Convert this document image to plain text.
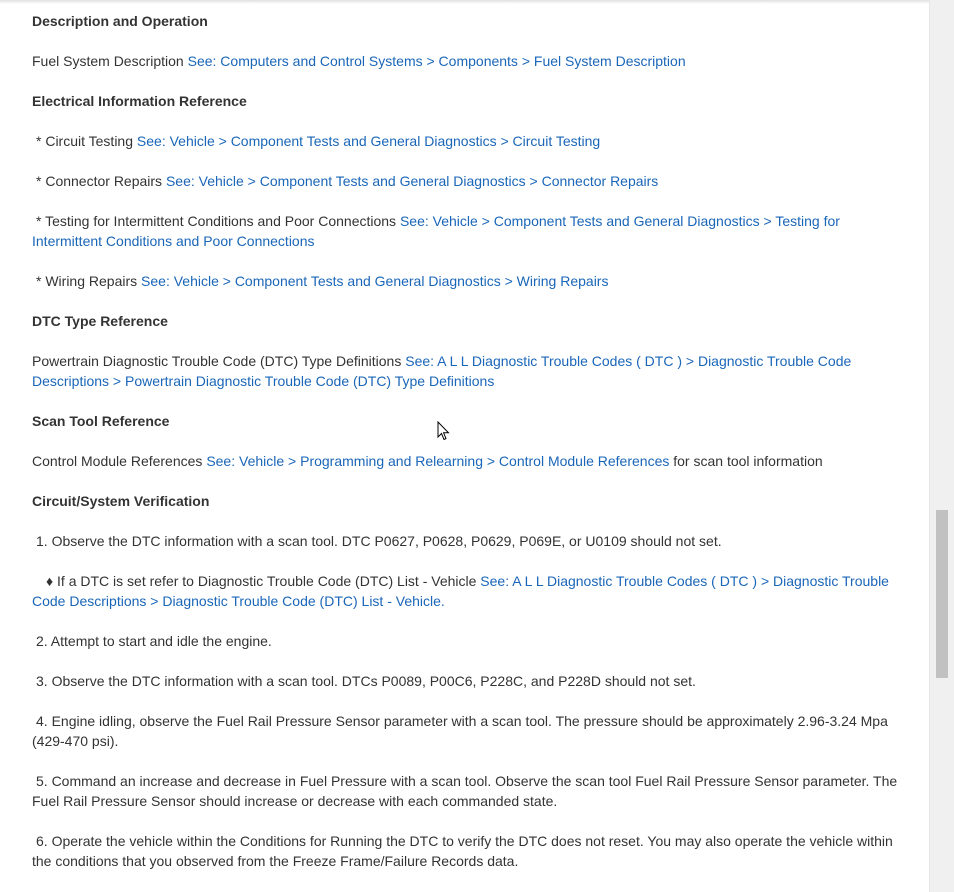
Description and Operation
Fuel System Description See: Computers and Control Systems > Components > Fuel System Description
Electrical Information Reference
* Circuit Testing See: Vehicle > Component Tests and General Diagnostics > Circuit Testing
* Connector Repairs See: Vehicle > Component Tests and General Diagnostics > Connector Repairs
* Testing for Intermittent Conditions and Poor Connections See: Vehicle > Component Tests and General Diagnostics > Testing for Intermittent Conditions and Poor Connections
* Wiring Repairs See: Vehicle > Component Tests and General Diagnostics > Wiring Repairs
DTC Type Reference
Powertrain Diagnostic Trouble Code (DTC) Type Definitions See: A L L Diagnostic Trouble Codes ( DTC ) > Diagnostic Trouble Code Descriptions > Powertrain Diagnostic Trouble Code (DTC) Type Definitions
Scan Tool Reference
Control Module References See: Vehicle > Programming and Relearning > Control Module References for scan tool information
Circuit/System Verification
1. Observe the DTC information with a scan tool. DTC P0627, P0628, P0629, P069E, or U0109 should not set.
♦ If a DTC is set refer to Diagnostic Trouble Code (DTC) List - Vehicle See: A L L Diagnostic Trouble Codes ( DTC ) > Diagnostic Trouble Code Descriptions > Diagnostic Trouble Code (DTC) List - Vehicle.
2. Attempt to start and idle the engine.
3. Observe the DTC information with a scan tool. DTCs P0089, P00C6, P228C, and P228D should not set.
4. Engine idling, observe the Fuel Rail Pressure Sensor parameter with a scan tool. The pressure should be approximately 2.96-3.24 Mpa (429-470 psi).
5. Command an increase and decrease in Fuel Pressure with a scan tool. Observe the scan tool Fuel Rail Pressure Sensor parameter. The Fuel Rail Pressure Sensor should increase or decrease with each commanded state.
6. Operate the vehicle within the Conditions for Running the DTC to verify the DTC does not reset. You may also operate the vehicle within the conditions that you observed from the Freeze Frame/Failure Records data.
